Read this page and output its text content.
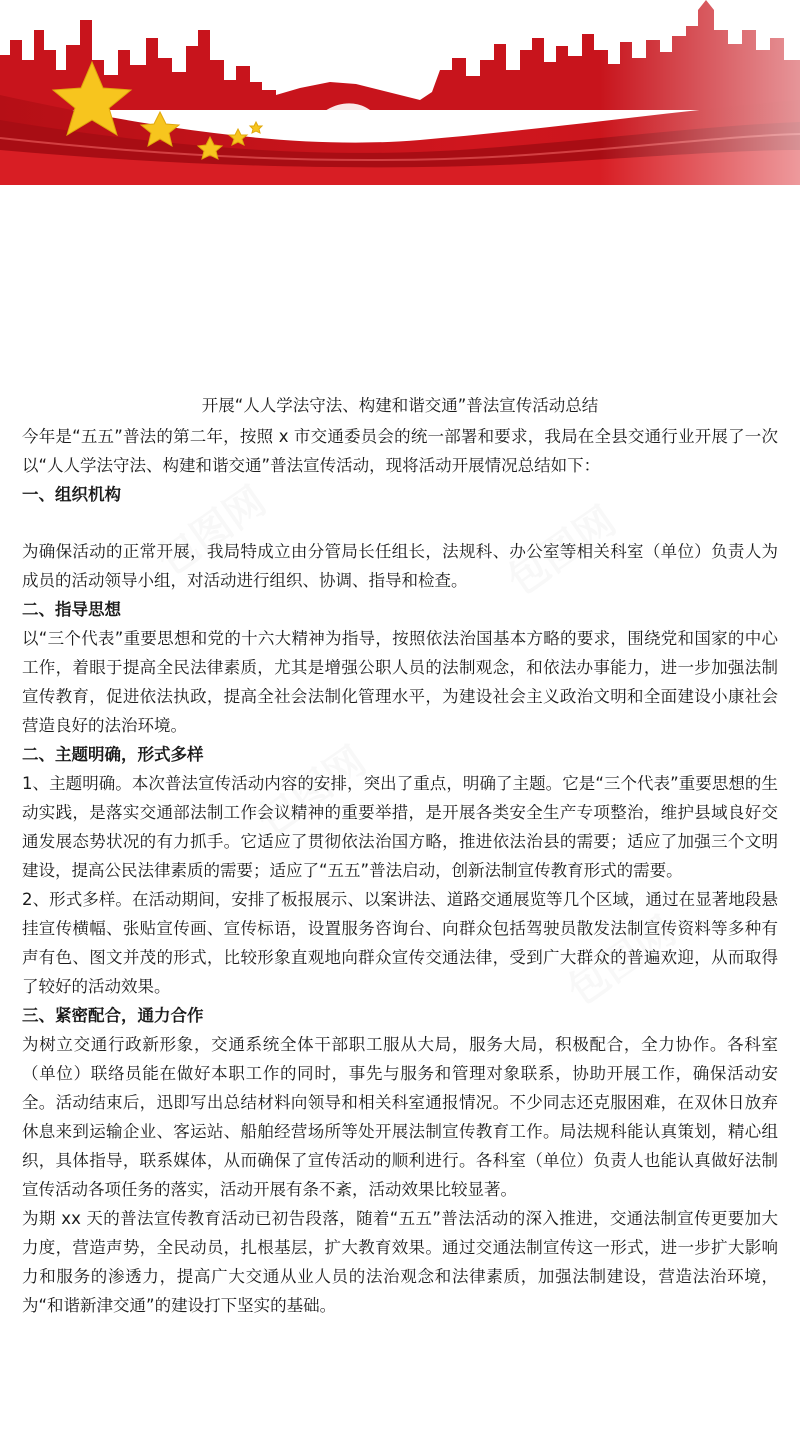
包图网	包图网
包图网
包图网
开展“人人学法守法、构建和谐交通”普法宣传活动总结

今年是“五五”普法的第二年，按照 x 市交通委员会的统一部署和要求，我局在全县交通行业开展了一次以“人人学法守法、构建和谐交通”普法宣传活动，现将活动开展情况总结如下：

一、组织机构

为确保活动的正常开展，我局特成立由分管局长任组长，法规科、办公室等相关科室（单位）负责人为成员的活动领导小组，对活动进行组织、协调、指导和检查。

二、指导思想

以“三个代表”重要思想和党的十六大精神为指导，按照依法治国基本方略的要求，围绕党和国家的中心工作，着眼于提高全民法律素质，尤其是增强公职人员的法制观念，和依法办事能力，进一步加强法制宣传教育，促进依法执政，提高全社会法制化管理水平，为建设社会主义政治文明和全面建设小康社会营造良好的法治环境。

二、主题明确，形式多样

1、主题明确。本次普法宣传活动内容的安排，突出了重点，明确了主题。它是“三个代表”重要思想的生动实践，是落实交通部法制工作会议精神的重要举措，是开展各类安全生产专项整治，维护县域良好交通发展态势状况的有力抓手。它适应了贯彻依法治国方略，推进依法治县的需要；适应了加强三个文明建设，提高公民法律素质的需要；适应了“五五”普法启动，创新法制宣传教育形式的需要。

2、形式多样。在活动期间，安排了板报展示、以案讲法、道路交通展览等几个区域，通过在显著地段悬挂宣传横幅、张贴宣传画、宣传标语，设置服务咨询台、向群众包括驾驶员散发法制宣传资料等多种有声有色、图文并茂的形式，比较形象直观地向群众宣传交通法律，受到广大群众的普遍欢迎，从而取得了较好的活动效果。

三、紧密配合，通力合作

为树立交通行政新形象，交通系统全体干部职工服从大局，服务大局，积极配合，全力协作。各科室（单位）联络员能在做好本职工作的同时，事先与服务和管理对象联系，协助开展工作，确保活动安全。活动结束后，迅即写出总结材料向领导和相关科室通报情况。不少同志还克服困难，在双休日放弃休息来到运输企业、客运站、船舶经营场所等处开展法制宣传教育工作。局法规科能认真策划，精心组织，具体指导，联系媒体，从而确保了宣传活动的顺利进行。各科室（单位）负责人也能认真做好法制宣传活动各项任务的落实，活动开展有条不紊，活动效果比较显著。

为期 xx 天的普法宣传教育活动已初告段落，随着“五五”普法活动的深入推进，交通法制宣传更要加大力度，营造声势，全民动员，扎根基层，扩大教育效果。通过交通法制宣传这一形式，进一步扩大影响力和服务的渗透力，提高广大交通从业人员的法治观念和法律素质，加强法制建设，营造法治环境，为“和谐新津交通”的建设打下坚实的基础。
